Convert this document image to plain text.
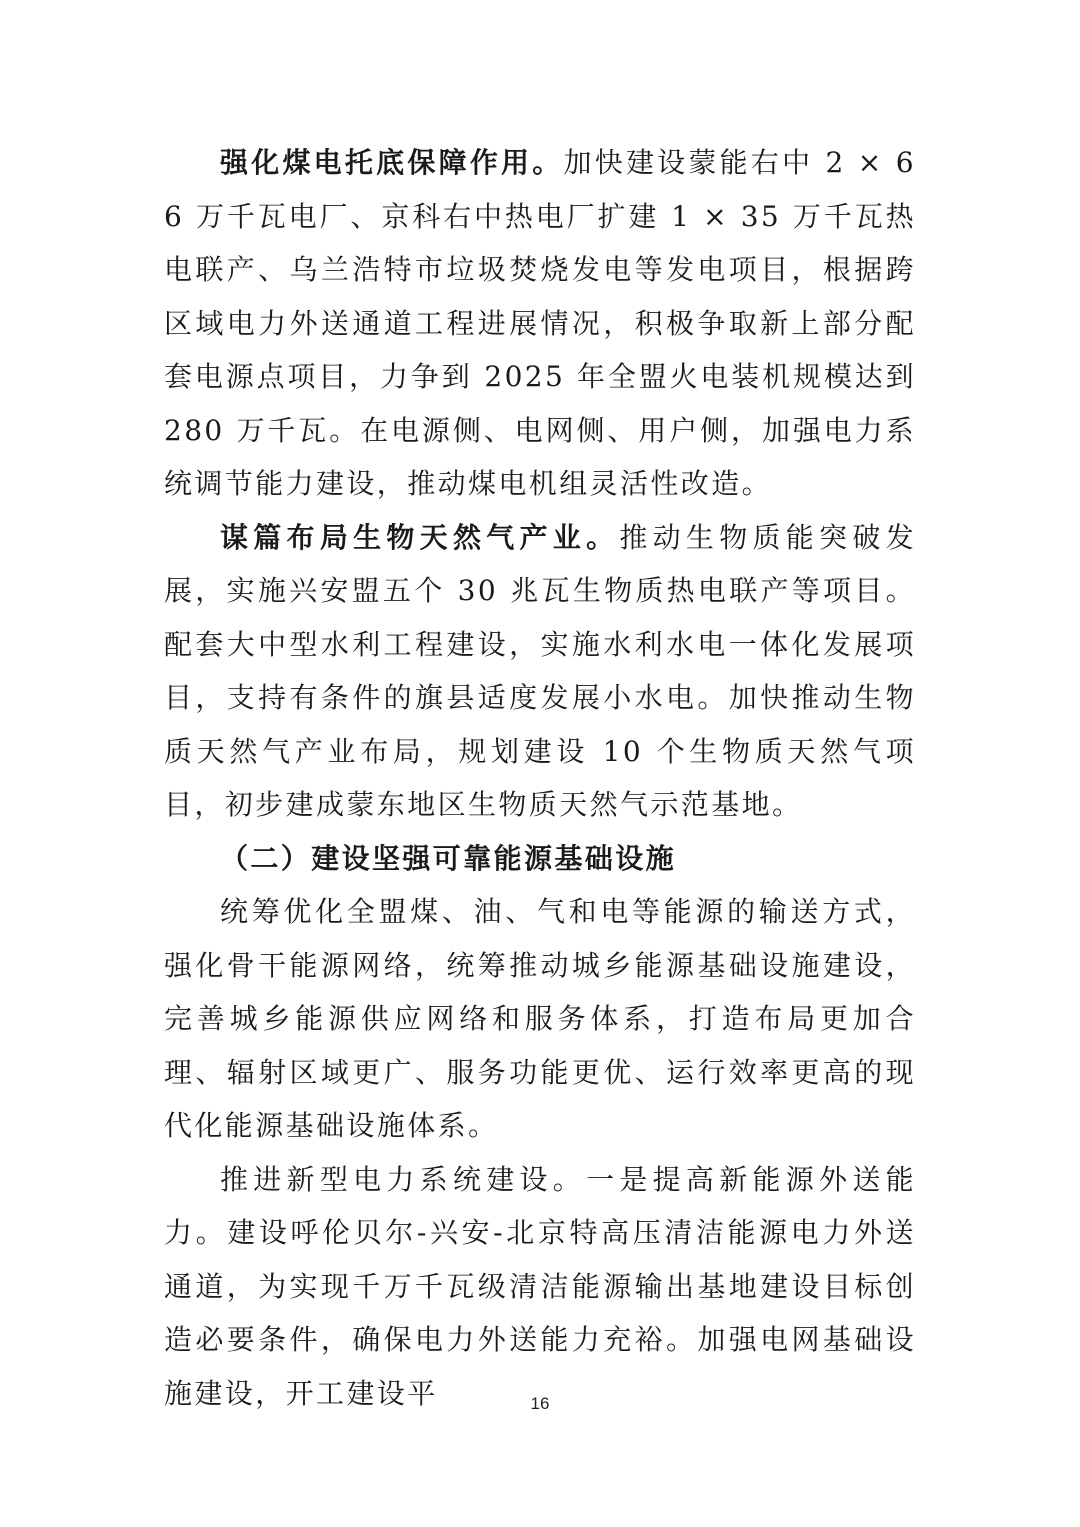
强化煤电托底保障作用。加快建设蒙能右中 2 × 66 万千瓦电厂、京科右中热电厂扩建 1 × 35 万千瓦热电联产、乌兰浩特市垃圾焚烧发电等发电项目，根据跨区域电力外送通道工程进展情况，积极争取新上部分配套电源点项目，力争到 2025 年全盟火电装机规模达到 280 万千瓦。在电源侧、电网侧、用户侧，加强电力系统调节能力建设，推动煤电机组灵活性改造。

谋篇布局生物天然气产业。推动生物质能突破发展，实施兴安盟五个 30 兆瓦生物质热电联产等项目。配套大中型水利工程建设，实施水利水电一体化发展项目，支持有条件的旗县适度发展小水电。加快推动生物质天然气产业布局，规划建设 10 个生物质天然气项目，初步建成蒙东地区生物质天然气示范基地。

（二）建设坚强可靠能源基础设施

统筹优化全盟煤、油、气和电等能源的输送方式，强化骨干能源网络，统筹推动城乡能源基础设施建设，完善城乡能源供应网络和服务体系，打造布局更加合理、辐射区域更广、服务功能更优、运行效率更高的现代化能源基础设施体系。

推进新型电力系统建设。一是提高新能源外送能力。建设呼伦贝尔-兴安-北京特高压清洁能源电力外送通道，为实现千万千瓦级清洁能源输出基地建设目标创造必要条件，确保电力外送能力充裕。加强电网基础设施建设，开工建设平	16
